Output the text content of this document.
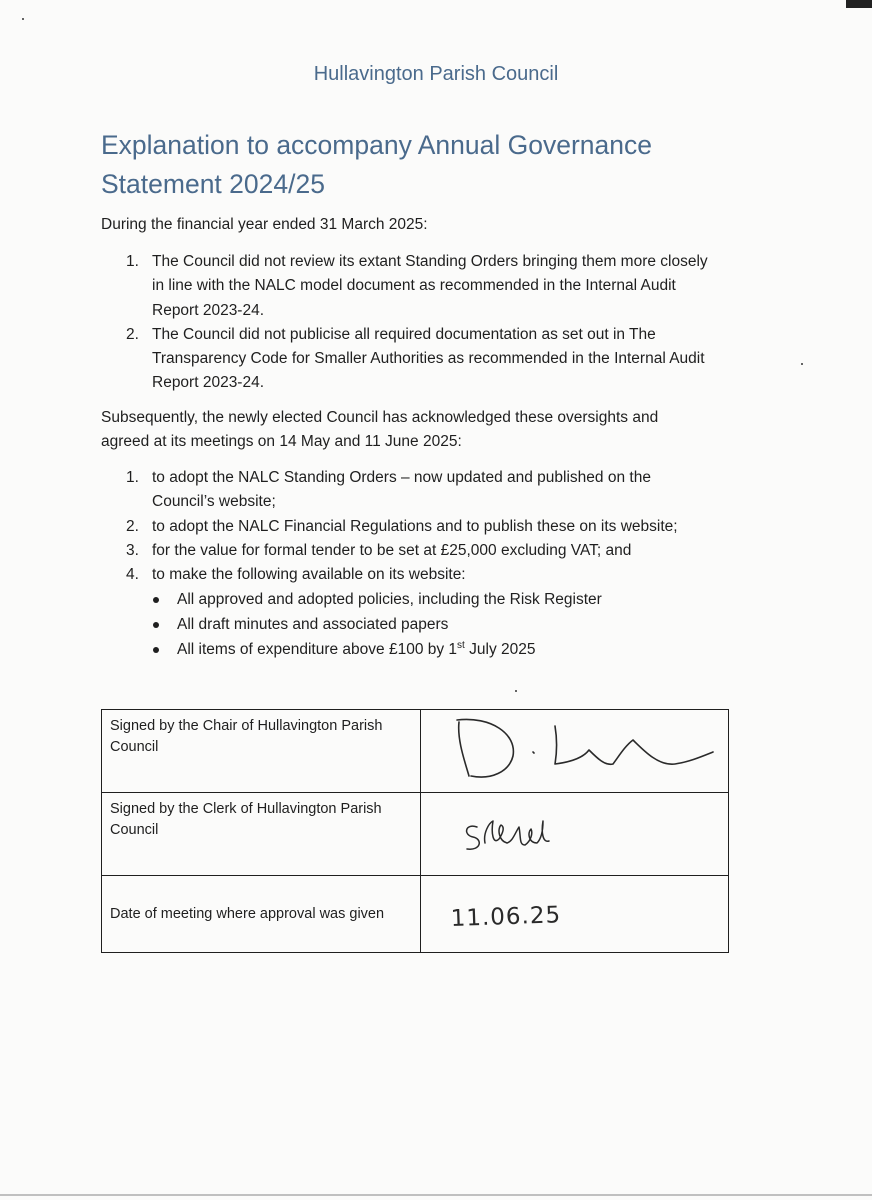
Hullavington Parish Council
Explanation to accompany Annual Governance
Statement 2024/25

During the financial year ended 31 March 2025:

1. The Council did not review its extant Standing Orders bringing them more closely
in line with the NALC model document as recommended in the Internal Audit
Report 2023-24.
2. The Council did not publicise all required documentation as set out in The
Transparency Code for Smaller Authorities as recommended in the Internal Audit
Report 2023-24.

Subsequently, the newly elected Council has acknowledged these oversights and
agreed at its meetings on 14 May and 11 June 2025:

1. to adopt the NALC Standing Orders – now updated and published on the
Council’s website;
2. to adopt the NALC Financial Regulations and to publish these on its website;
3. for the value for formal tender to be set at £25,000 excluding VAT; and
4. to make the following available on its website:
All approved and adopted policies, including the Risk Register
All draft minutes and associated papers
All items of expenditure above £100 by 1st July 2025
Signed by the Chair of Hullavington Parish Council	

Signed by the Clerk of Hullavington Parish Council	

Date of meeting where approval was given	11.06.25
